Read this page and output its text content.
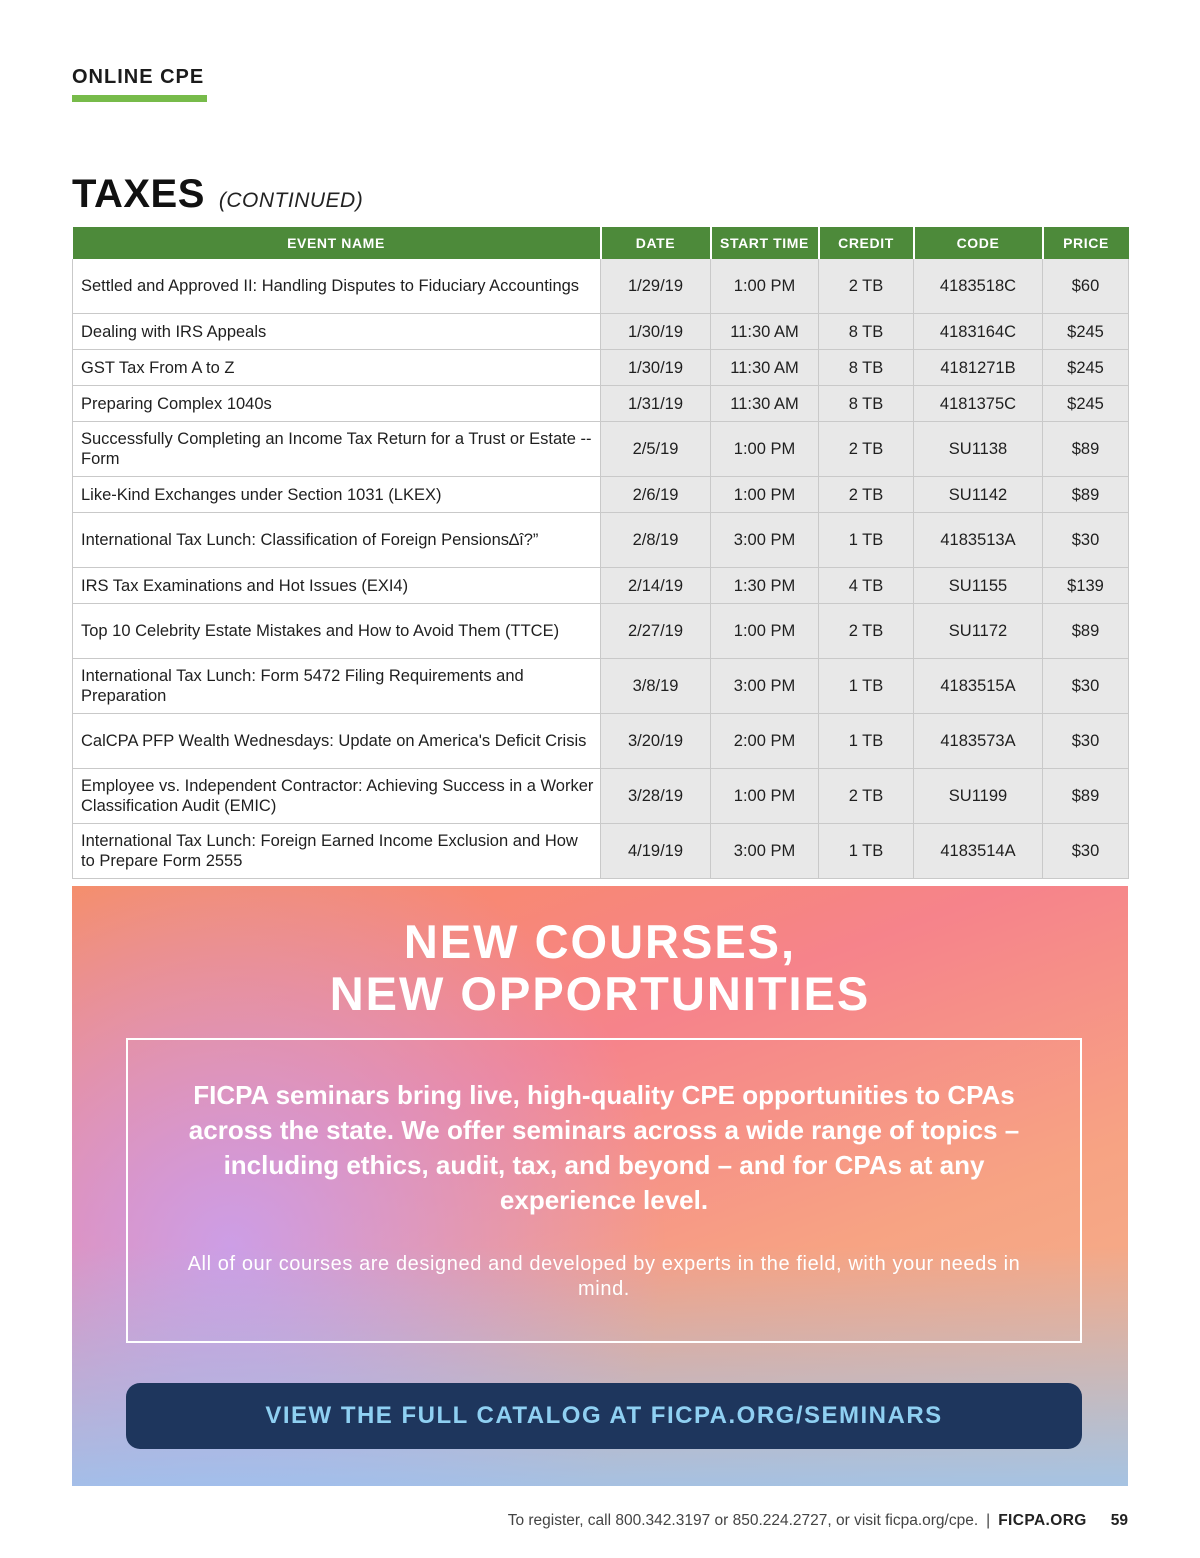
ONLINE CPE
TAXES (CONTINUED)
EVENT NAME	DATE	START TIME	CREDIT	CODE	PRICE
Settled and Approved II: Handling Disputes to Fiduciary Accountings	1/29/19	1:00 PM	2 TB	4183518C	$60
Dealing with IRS Appeals	1/30/19	11:30 AM	8 TB	4183164C	$245
GST Tax From A to Z	1/30/19	11:30 AM	8 TB	4181271B	$245
Preparing Complex 1040s	1/31/19	11:30 AM	8 TB	4181375C	$245
Successfully Completing an Income Tax Return for a Trust or Estate -- Form	2/5/19	1:00 PM	2 TB	SU1138	$89
Like-Kind Exchanges under Section 1031 (LKEX)	2/6/19	1:00 PM	2 TB	SU1142	$89
International Tax Lunch: Classification of Foreign Pensions∆î?”	2/8/19	3:00 PM	1 TB	4183513A	$30
IRS Tax Examinations and Hot Issues (EXI4)	2/14/19	1:30 PM	4 TB	SU1155	$139
Top 10 Celebrity Estate Mistakes and How to Avoid Them (TTCE)	2/27/19	1:00 PM	2 TB	SU1172	$89
International Tax Lunch: Form 5472 Filing Requirements and Preparation	3/8/19	3:00 PM	1 TB	4183515A	$30
CalCPA PFP Wealth Wednesdays: Update on America's Deficit Crisis	3/20/19	2:00 PM	1 TB	4183573A	$30
Employee vs. Independent Contractor: Achieving Success in a Worker Classification Audit (EMIC)	3/28/19	1:00 PM	2 TB	SU1199	$89
International Tax Lunch: Foreign Earned Income Exclusion and How to Prepare Form 2555	4/19/19	3:00 PM	1 TB	4183514A	$30
NEW COURSES,
NEW OPPORTUNITIES
FICPA seminars bring live, high-quality CPE opportunities to CPAs across the state. We offer seminars across a wide range of topics – including ethics, audit, tax, and beyond – and for CPAs at any experience level.
All of our courses are designed and developed by experts in the field, with your needs in mind.
VIEW THE FULL CATALOG AT FICPA.ORG/SEMINARS
To register, call 800.342.3197 or 850.224.2727, or visit ficpa.org/cpe. | FICPA.ORG 59
